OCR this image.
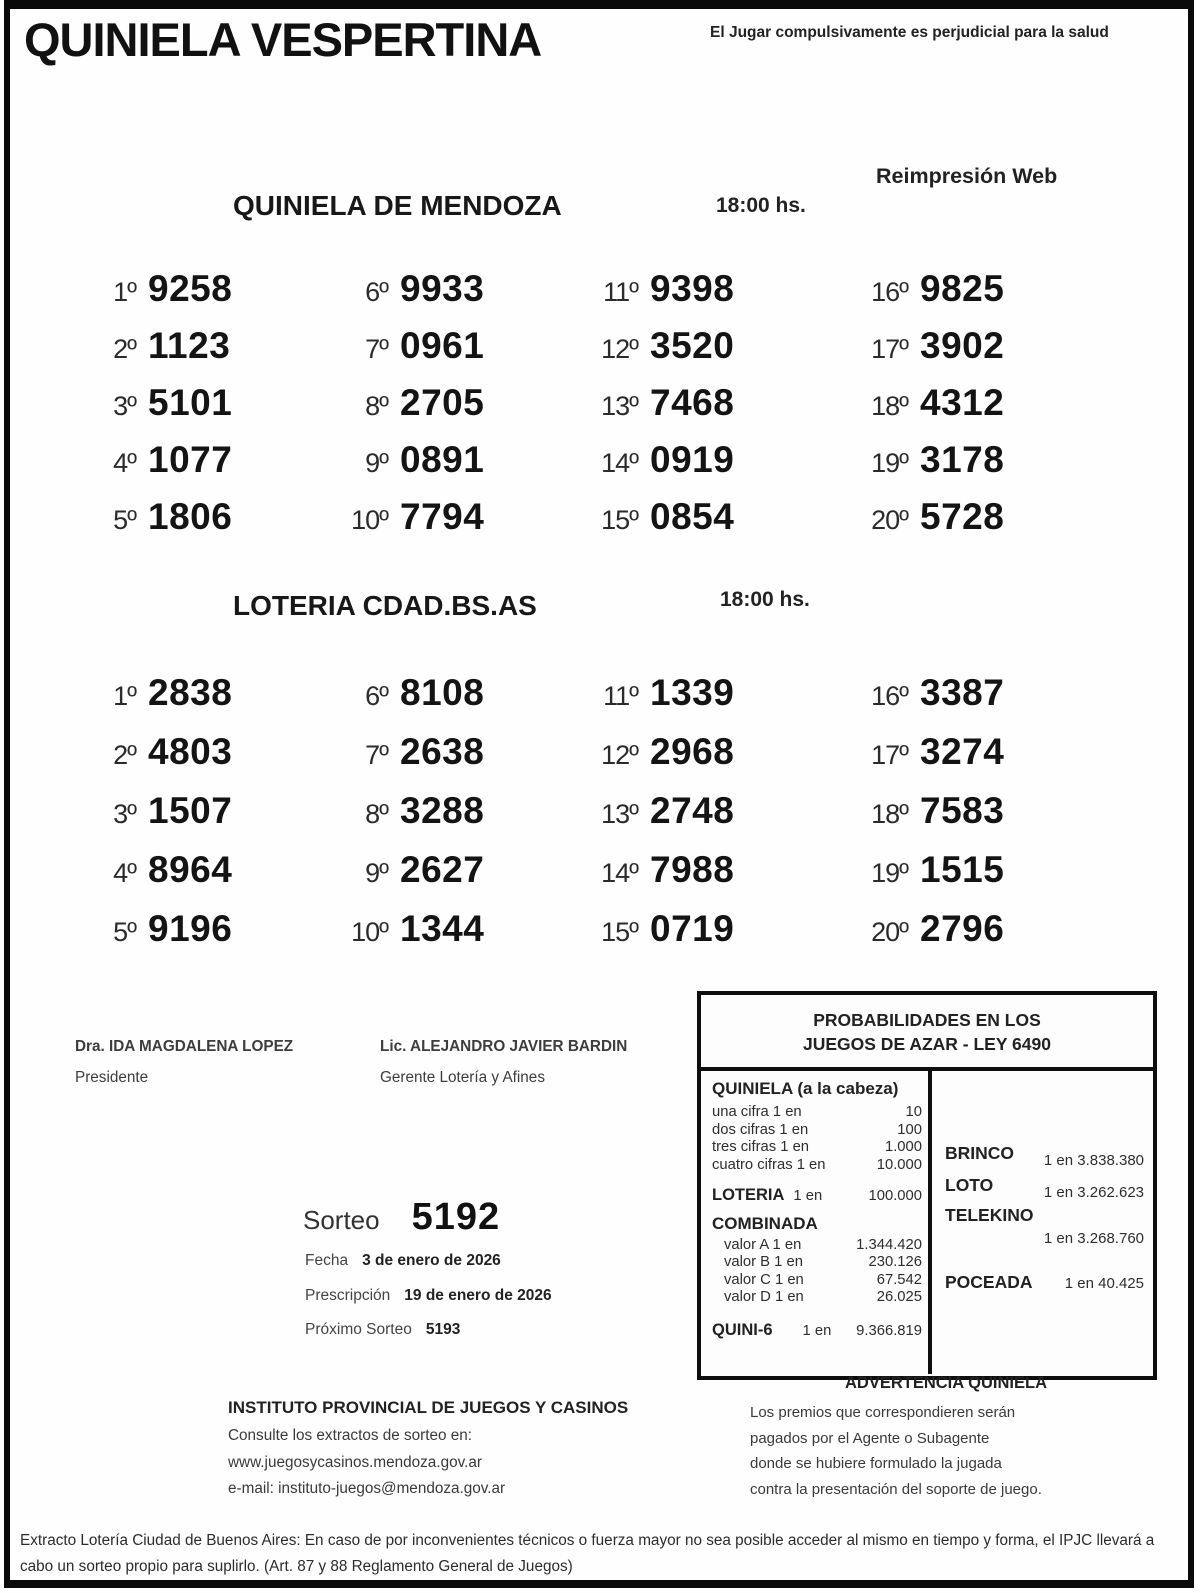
QUINIELA VESPERTINA	El Jugar compulsivamente es perjudicial para la salud
Reimpresión Web
QUINIELA DE MENDOZA	18:00 hs.
1º 9258
2º 1123
3º 5101
4º 1077
5º 1806
6º 9933
7º 0961
8º 2705
9º 0891
10º 7794
11º 9398
12º 3520
13º 7468
14º 0919
15º 0854
16º 9825
17º 3902
18º 4312
19º 3178
20º 5728
LOTERIA CDAD.BS.AS	18:00 hs.
1º 2838
2º 4803
3º 1507
4º 8964
5º 9196
6º 8108
7º 2638
8º 3288
9º 2627
10º 1344
11º 1339
12º 2968
13º 2748
14º 7988
15º 0719
16º 3387
17º 3274
18º 7583
19º 1515
20º 2796
Dra. IDA MAGDALENA LOPEZ
Presidente
Lic. ALEJANDRO JAVIER BARDIN
Gerente Lotería y Afines
Sorteo 5192
Fecha 3 de enero de 2026
Prescripción 19 de enero de 2026
Próximo Sorteo 5193
PROBABILIDADES EN LOS
JUEGOS DE AZAR - LEY 6490
QUINIELA (a la cabeza)
una cifra 1 en	10
dos cifras 1 en	100
tres cifras 1 en	1.000
cuatro cifras 1 en	10.000
LOTERIA 1 en	100.000
COMBINADA
valor A 1 en	1.344.420
valor B 1 en	230.126
valor C 1 en	67.542
valor D 1 en	26.025
QUINI-6 1 en 9.366.819
BRINCO 1 en 3.838.380
LOTO	1 en 3.262.623
TELEKINO
1 en 3.268.760
POCEADA 1 en 40.425
ADVERTENCIA QUINIELA
Los premios que correspondieren serán
pagados por el Agente o Subagente
donde se hubiere formulado la jugada
contra la presentación del soporte de juego.
INSTITUTO PROVINCIAL DE JUEGOS Y CASINOS
Consulte los extractos de sorteo en:
www.juegosycasinos.mendoza.gov.ar
e-mail: instituto-juegos@mendoza.gov.ar
Extracto Lotería Ciudad de Buenos Aires: En caso de por inconvenientes técnicos o fuerza mayor no sea posible acceder al mismo en tiempo y forma, el IPJC llevará a cabo un sorteo propio para suplirlo. (Art. 87 y 88 Reglamento General de Juegos)
